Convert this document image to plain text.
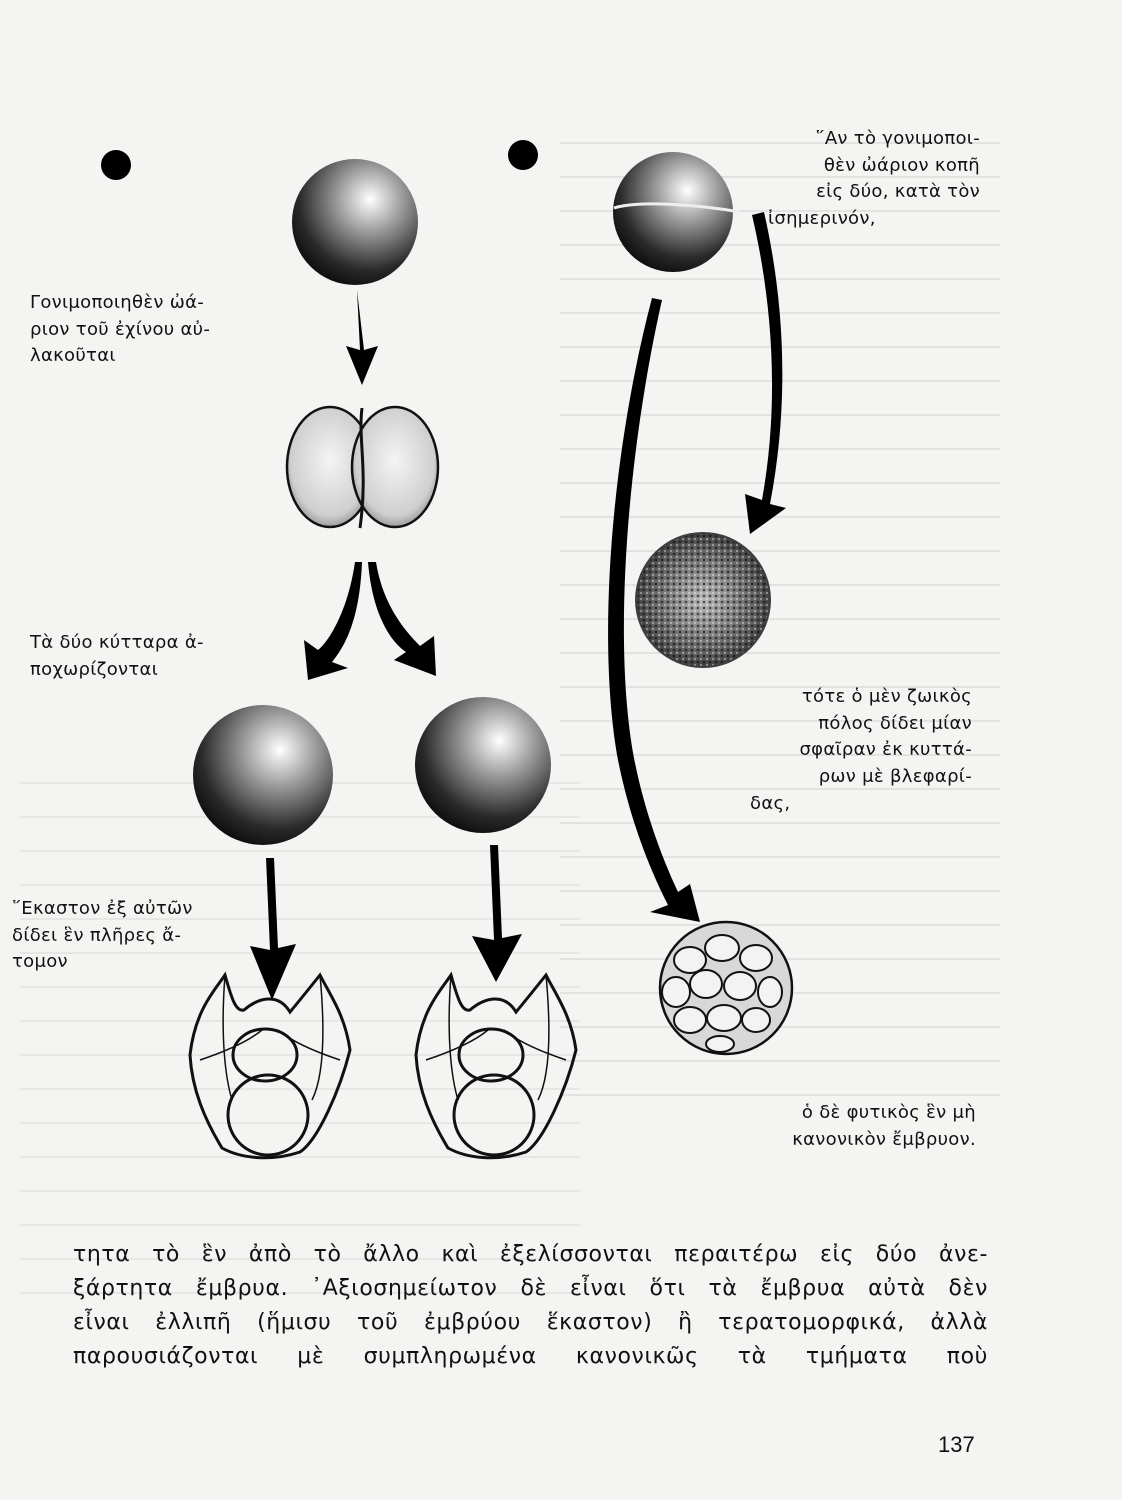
Γονιμοποιηθὲν ὠά-
ριον τοῦ ἐχίνου αὐ-
λακοῦται
Τὰ δύο κύτταρα ἀ-
ποχωρίζονται
῞Εκαστον ἐξ αὐτῶν
δίδει ἓν πλῆρες ἄ-
τομον
῞Αν τὸ γονιμοποι-
θὲν ὠάριον κοπῆ
εἰς δύο, κατὰ τὸν
ἰσημερινόν,
τότε ὁ μὲν ζωικὸς
πόλος δίδει μίαν
σφαῖραν ἐκ κυττά-
ρων μὲ βλεφαρί-
δας,
ὁ δὲ φυτικὸς ἓν μὴ
κανονικὸν ἔμβρυον.
τητα τὸ ἓν ἀπὸ τὸ ἄλλο καὶ ἐξελίσσονται περαιτέρω εἰς δύο ἀνε-
ξάρτητα ἔμβρυα. ᾿Αξιοσημείωτον δὲ εἶναι ὅτι τὰ ἔμβρυα αὐτὰ δὲν
εἶναι ἐλλιπῆ (ἥμισυ τοῦ ἐμβρύου ἕκαστον) ἢ τερατομορφικά, ἀλλὰ
παρουσιάζονται μὲ συμπληρωμένα κανονικῶς τὰ τμήματα ποὺ
137
